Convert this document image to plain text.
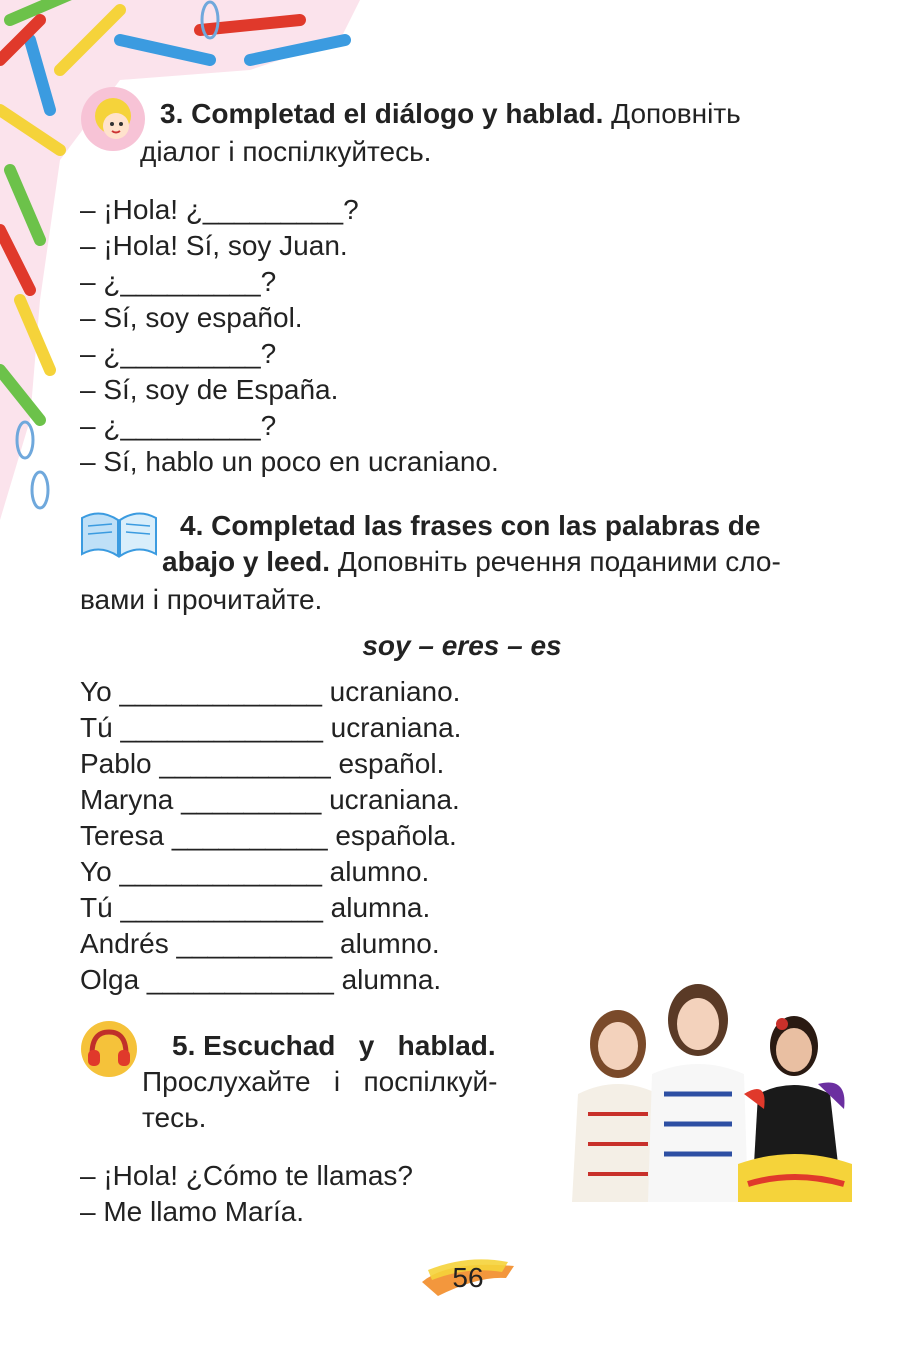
3. Completad el diálogo y hablad. Доповніть
діалог і поспілкуйтесь.
– ¡Hola! ¿_________?
– ¡Hola! Sí, soy Juan.
– ¿_________?
– Sí, soy español.
– ¿_________?
– Sí, soy de España.
– ¿_________?
– Sí, hablo un poco en ucraniano.
4. Completad las frases con las palabras de
abajo y leed. Доповніть речення поданими сло-
вами і прочитайте.
soy – eres – es
Yo _____________ ucraniano.
Tú _____________ ucraniana.
Pablo ___________ español.
Maryna _________ ucraniana.
Teresa __________ española.
Yo _____________ alumno.
Tú _____________ alumna.
Andrés __________ alumno.
Olga ____________ alumna.
5. Escuchad   y   hablad.
Прослухайте   і   поспілкуй-
тесь.
– ¡Hola! ¿Cómo te llamas?
– Me llamo María.
56
